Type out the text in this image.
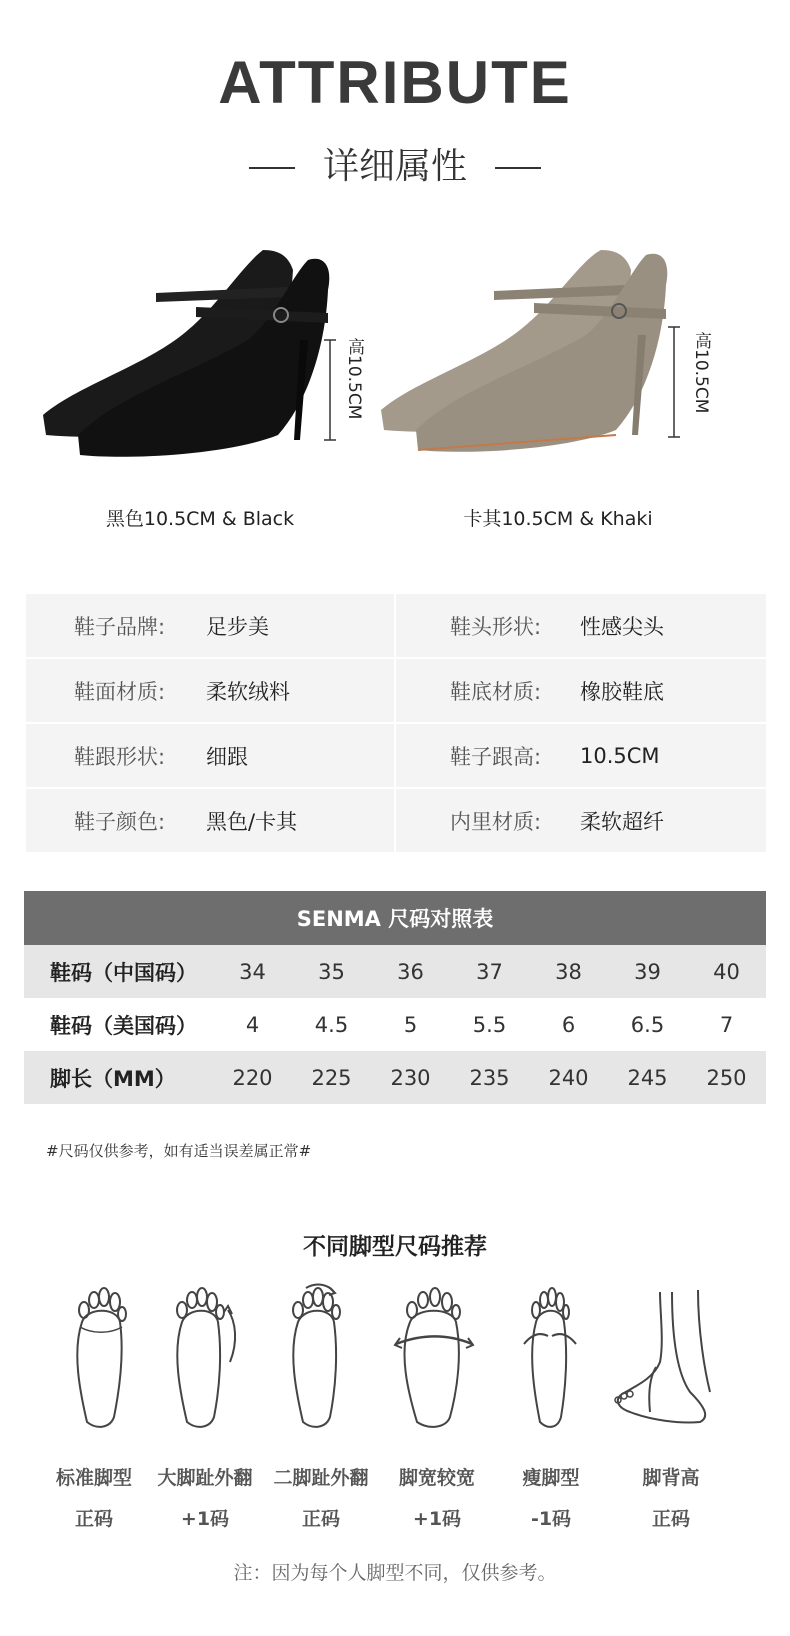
ATTRIBUTE
详细属性
高10.5CM
黑色10.5CM & Black
高10.5CM
卡其10.5CM & Khaki
鞋子品牌:	足步美	鞋头形状:	性感尖头
鞋面材质:	柔软绒料	鞋底材质:	橡胶鞋底
鞋跟形状:	细跟	鞋子跟高:	10.5CM
鞋子颜色:	黑色/卡其	内里材质:	柔软超纤
SENMA 尺码对照表
鞋码（中国码）	34	35	36	37	38	39	40
鞋码（美国码）	4	4.5	5	5.5	6	6.5	7
脚长（MM）	220	225	230	235	240	245	250
#尺码仅供参考，如有适当误差属正常#
不同脚型尺码推荐
标准脚型
正码
大脚趾外翻
+1码
二脚趾外翻
正码
脚宽较宽
+1码
瘦脚型
-1码
脚背高
正码
注：因为每个人脚型不同，仅供参考。
